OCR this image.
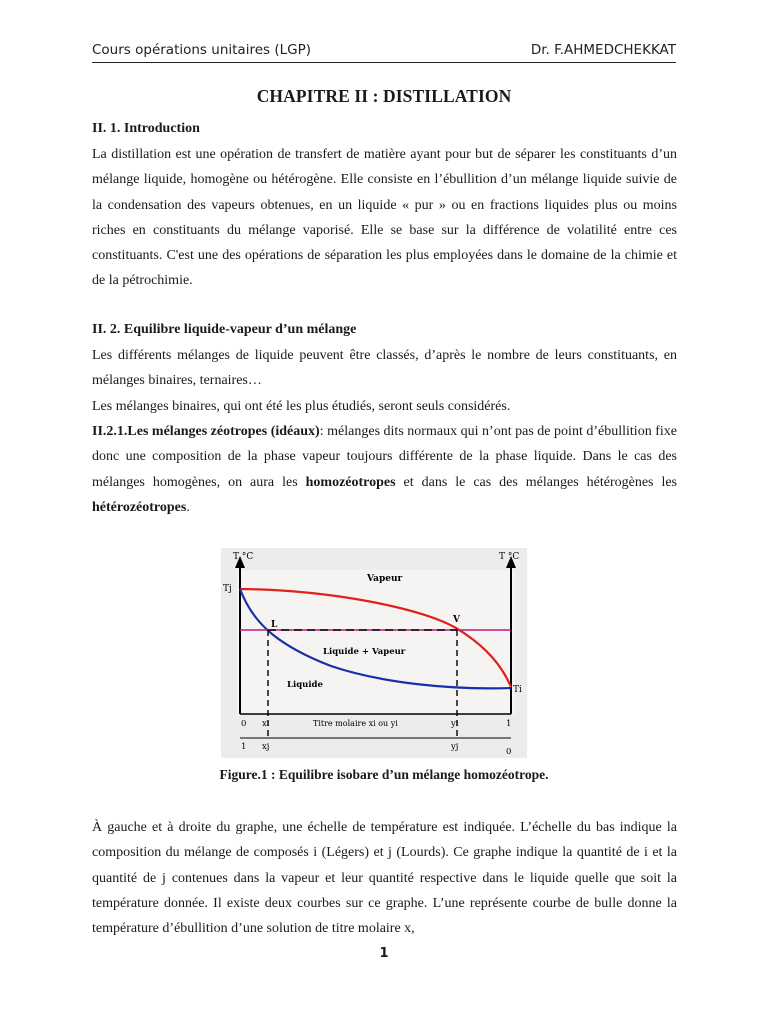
Cours opérations unitaires (LGP)	Dr. F.AHMEDCHEKKAT
CHAPITRE II : DISTILLATION
II. 1. Introduction

La distillation est une opération de transfert de matière ayant pour but de séparer les constituants d’un mélange liquide, homogène ou hétérogène. Elle consiste en l’ébullition d’un mélange liquide suivie de la condensation des vapeurs obtenues, en un liquide « pur » ou en fractions liquides plus ou moins riches en constituants du mélange vaporisé. Elle se base sur la différence de volatilité entre ces constituants. C'est une des opérations de séparation les plus employées dans le domaine de la chimie et de la pétrochimie.

II. 2. Equilibre liquide-vapeur d’un mélange

Les différents mélanges de liquide peuvent être classés, d’après le nombre de leurs constituants, en mélanges binaires, ternaires…

Les mélanges binaires, qui ont été les plus étudiés, seront seuls considérés.

II.2.1.Les mélanges zéotropes (idéaux): mélanges dits normaux qui n’ont pas de point d’ébullition fixe donc une composition de la phase vapeur toujours différente de la phase liquide. Dans le cas des mélanges homogènes, on aura les homozéotropes et dans le cas des mélanges hétérogènes les hétérozéotropes.

T °C	T °C
Tj
Ti
L	V
Vapeur
Liquide + Vapeur
Liquide
0 xi	Titre molaire xi ou yi	yi	1
1 xj	yj	0
Figure.1 : Equilibre isobare d’un mélange homozéotrope.

À gauche et à droite du graphe, une échelle de température est indiquée. L’échelle du bas indique la composition du mélange de composés i (Légers) et j (Lourds). Ce graphe indique la quantité de i et la quantité de j contenues dans la vapeur et leur quantité respective dans le liquide quelle que soit la température donnée. Il existe deux courbes sur ce graphe. L’une représente courbe de bulle donne la température d’ébullition d’une solution de titre molaire x,

1
